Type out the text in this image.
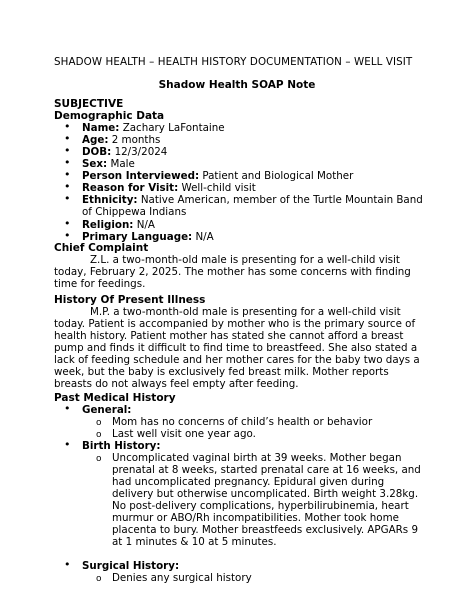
SHADOW HEALTH – HEALTH HISTORY DOCUMENTATION – WELL VISIT
Shadow Health SOAP Note
SUBJECTIVE
Demographic Data
• Name: Zachary LaFontaine
• Age: 2 months
• DOB: 12/3/2024
• Sex: Male
• Person Interviewed: Patient and Biological Mother
• Reason for Visit: Well-child visit
• Ethnicity: Native American, member of the Turtle Mountain Band of Chippewa Indians
• Religion: N/A
• Primary Language: N/A
Chief Complaint
Z.L. a two-month-old male is presenting for a well-child visit today, February 2, 2025. The mother has some concerns with finding time for feedings.
History Of Present Illness
M.P. a two-month-old male is presenting for a well-child visit today. Patient is accompanied by mother who is the primary source of health history. Patient mother has stated she cannot afford a breast pump and finds it difficult to find time to breastfeed. She also stated a lack of feeding schedule and her mother cares for the baby two days a week, but the baby is exclusively fed breast milk. Mother reports breasts do not always feel empty after feeding.
Past Medical History
• General:
o Mom has no concerns of child’s health or behavior
o Last well visit one year ago.
• Birth History:
o Uncomplicated vaginal birth at 39 weeks. Mother began prenatal at 8 weeks, started prenatal care at 16 weeks, and had uncomplicated pregnancy. Epidural given during delivery but otherwise uncomplicated. Birth weight 3.28kg. No post-delivery complications, hyperbilirubinemia, heart murmur or ABO/Rh incompatibilities. Mother took home placenta to bury. Mother breastfeeds exclusively. APGARs 9 at 1 minutes & 10 at 5 minutes.
• Surgical History:
o Denies any surgical history
